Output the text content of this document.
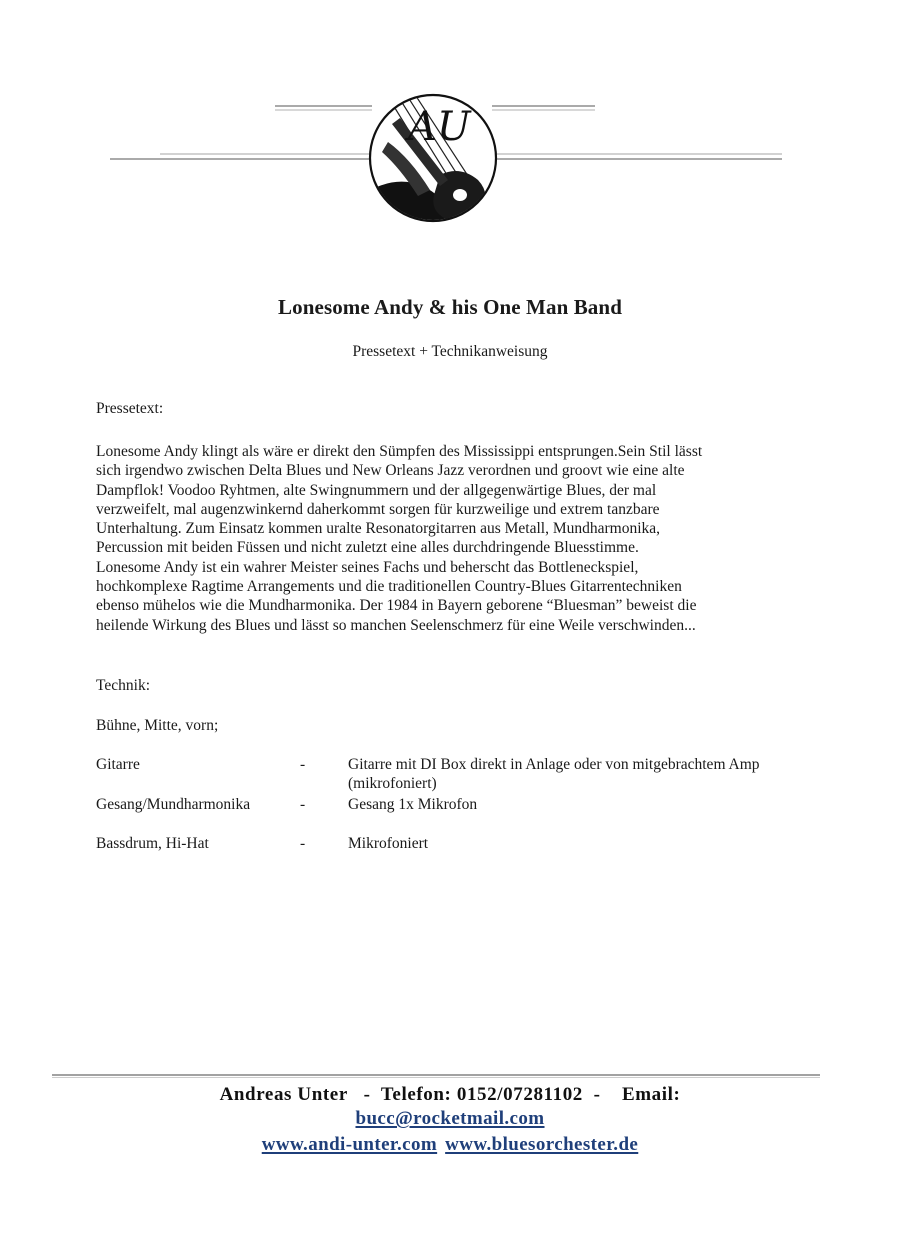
AU
Lonesome Andy & his One Man Band
Pressetext + Technikanweisung
Pressetext:
Lonesome Andy klingt als wäre er direkt den Sümpfen des Mississippi entsprungen.Sein Stil lässt
sich irgendwo zwischen Delta Blues und New Orleans Jazz verordnen und groovt wie eine alte
Dampflok! Voodoo Ryhtmen, alte Swingnummern und der allgegenwärtige Blues, der mal
verzweifelt, mal augenzwinkernd daherkommt sorgen für kurzweilige und extrem tanzbare
Unterhaltung. Zum Einsatz kommen uralte Resonatorgitarren aus Metall, Mundharmonika,
Percussion mit beiden Füssen und nicht zuletzt eine alles durchdringende Bluesstimme.
Lonesome Andy ist ein wahrer Meister seines Fachs und beherscht das Bottleneckspiel,
hochkomplexe Ragtime Arrangements und die traditionellen Country-Blues Gitarrentechniken
ebenso mühelos wie die Mundharmonika. Der 1984 in Bayern geborene “Bluesman” beweist die
heilende Wirkung des Blues und lässt so manchen Seelenschmerz für eine Weile verschwinden...
Technik:
Bühne, Mitte, vorn;
Gitarre	-	Gitarre mit DI Box direkt in Anlage oder von mitgebrachtem Amp (mikrofoniert)
Gesang/Mundharmonika	-	Gesang 1x Mikrofon
Bassdrum, Hi-Hat	-	Mikrofoniert
Andreas Unter - Telefon: 0152/07281102 - Email:
bucc@rocketmail.com
www.andi-unter.com www.bluesorchester.de
